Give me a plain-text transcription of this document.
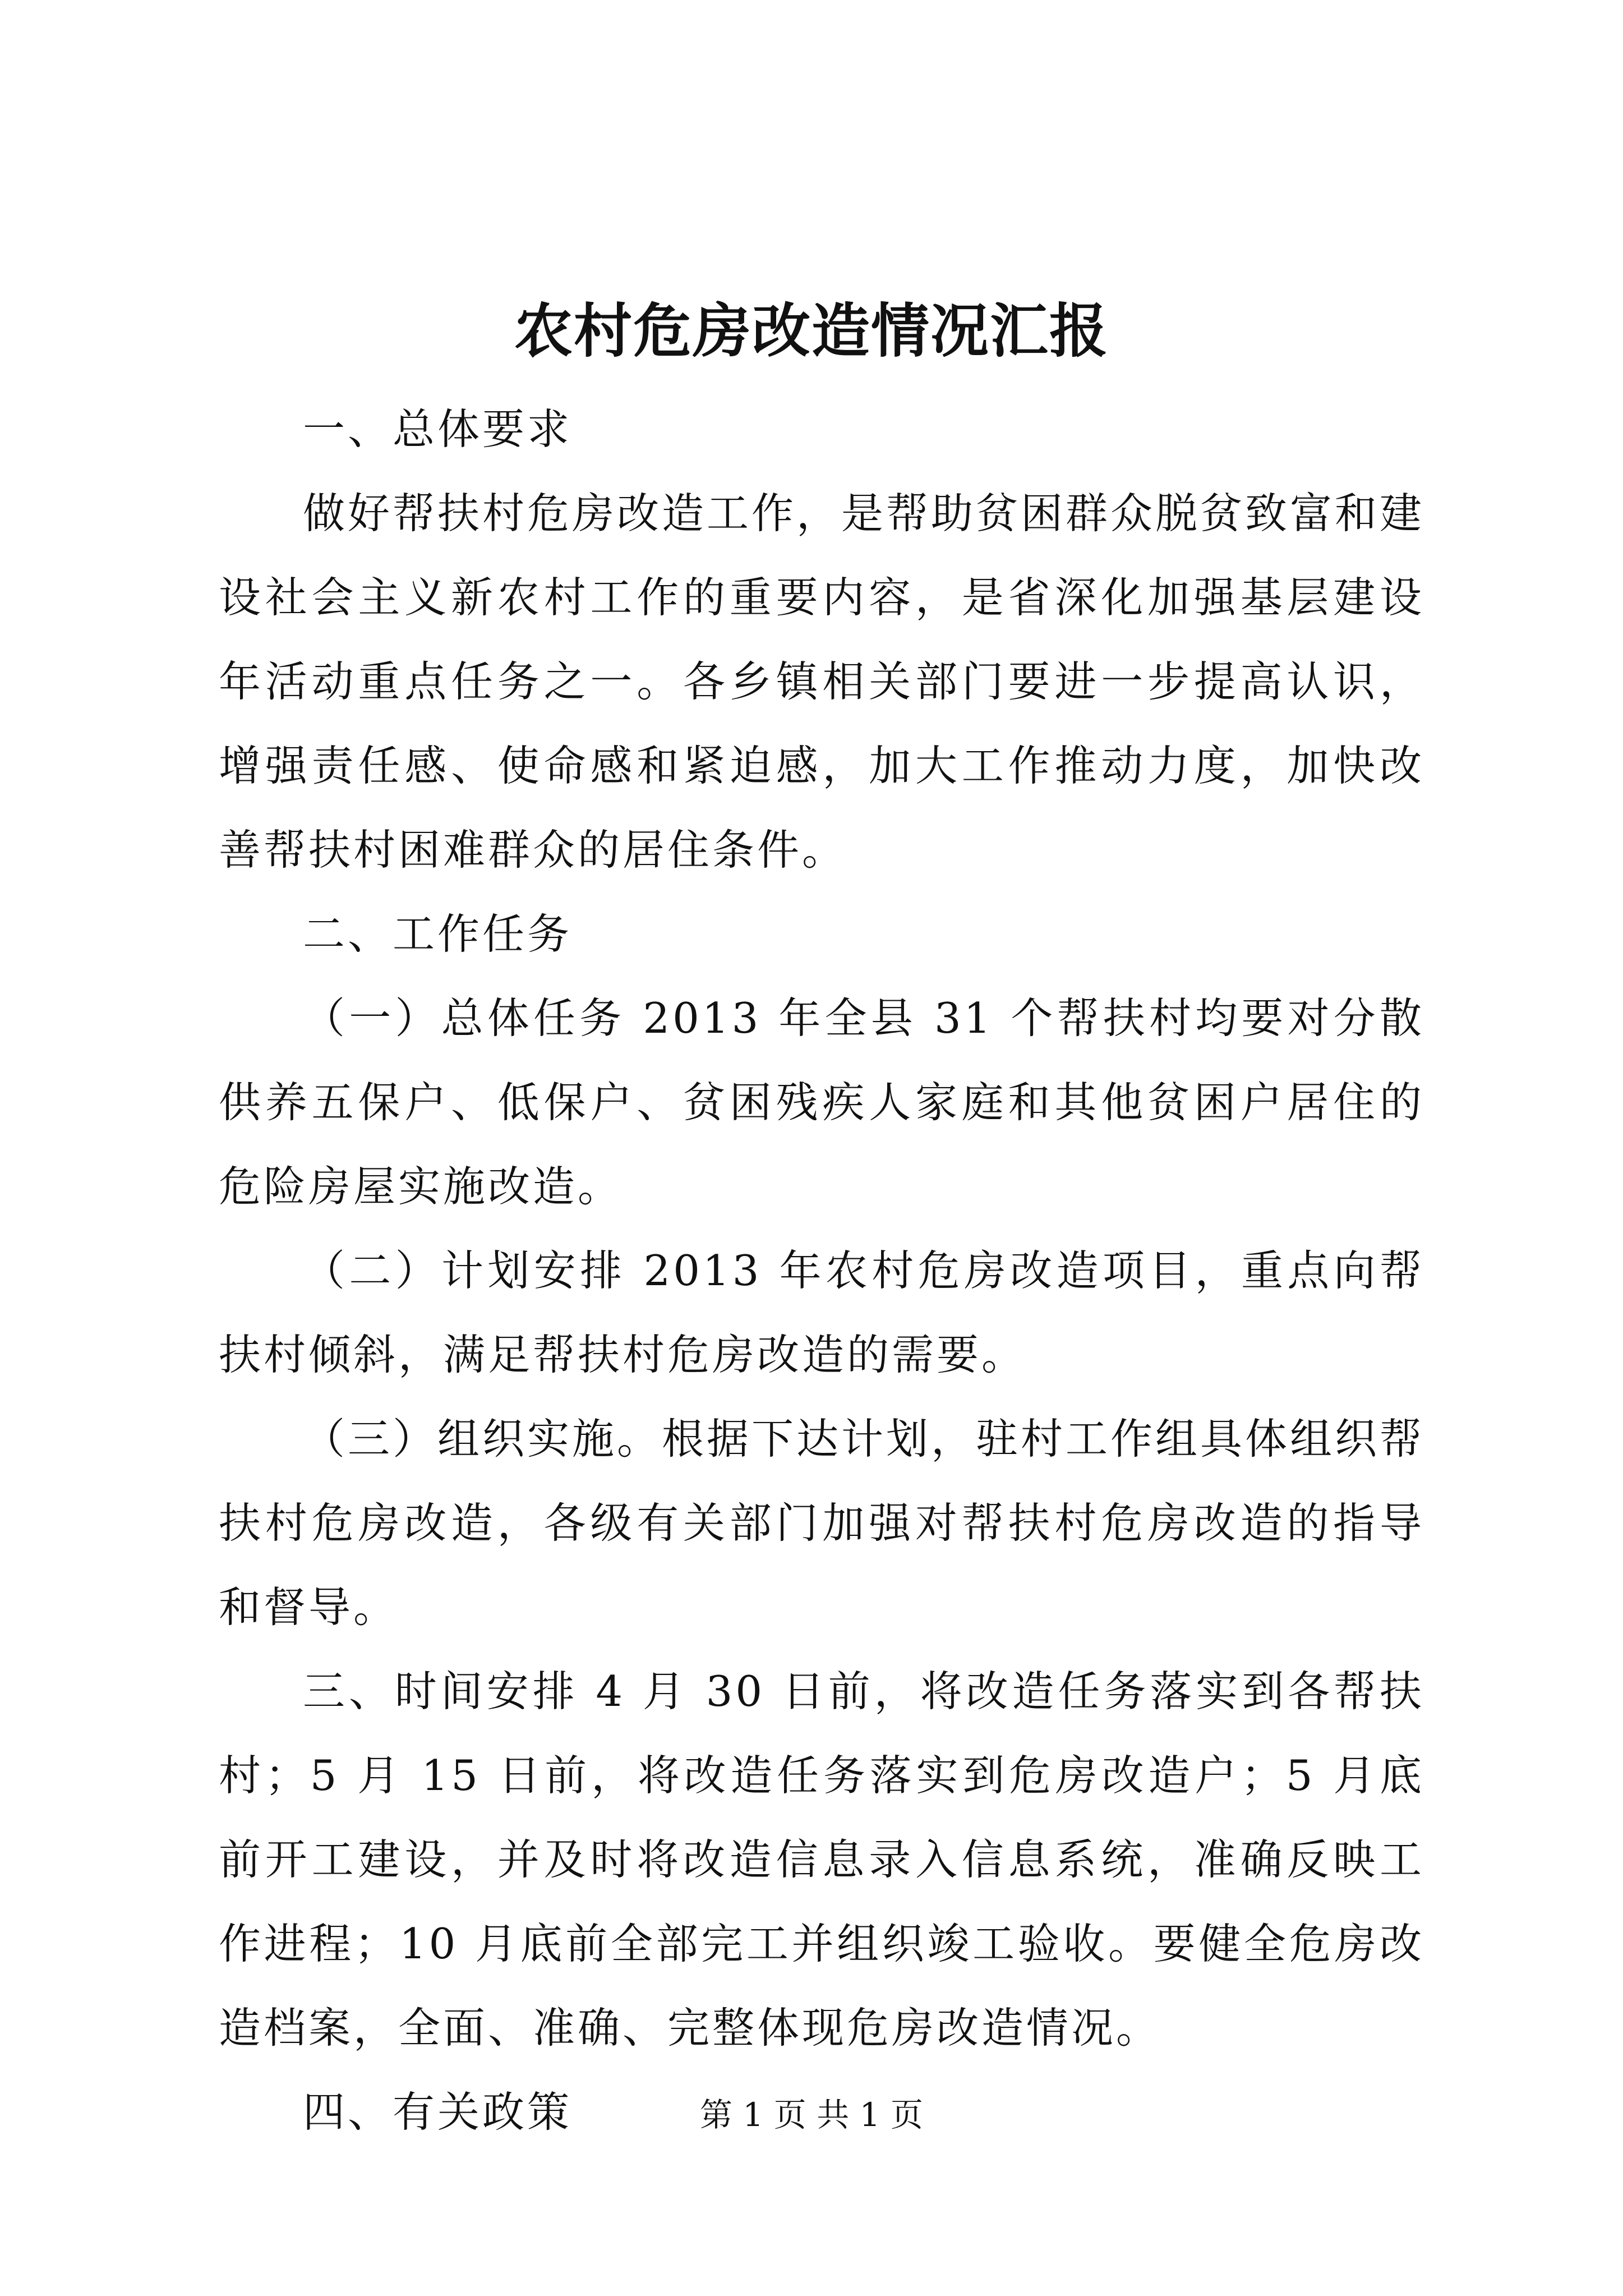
农村危房改造情况汇报

一、总体要求

做好帮扶村危房改造工作，是帮助贫困群众脱贫致富和建设社会主义新农村工作的重要内容，是省深化加强基层建设年活动重点任务之一。各乡镇相关部门要进一步提高认识，增强责任感、使命感和紧迫感，加大工作推动力度，加快改善帮扶村困难群众的居住条件。

二、工作任务

（一）总体任务 2013 年全县 31 个帮扶村均要对分散供养五保户、低保户、贫困残疾人家庭和其他贫困户居住的危险房屋实施改造。

（二）计划安排 2013 年农村危房改造项目，重点向帮扶村倾斜，满足帮扶村危房改造的需要。

（三）组织实施。根据下达计划，驻村工作组具体组织帮扶村危房改造，各级有关部门加强对帮扶村危房改造的指导和督导。

三、时间安排 4 月 30 日前，将改造任务落实到各帮扶村；5 月 15 日前，将改造任务落实到危房改造户；5 月底前开工建设，并及时将改造信息录入信息系统，准确反映工作进程；10 月底前全部完工并组织竣工验收。要健全危房改造档案，全面、准确、完整体现危房改造情况。

四、有关政策	第 1 页 共 1 页
